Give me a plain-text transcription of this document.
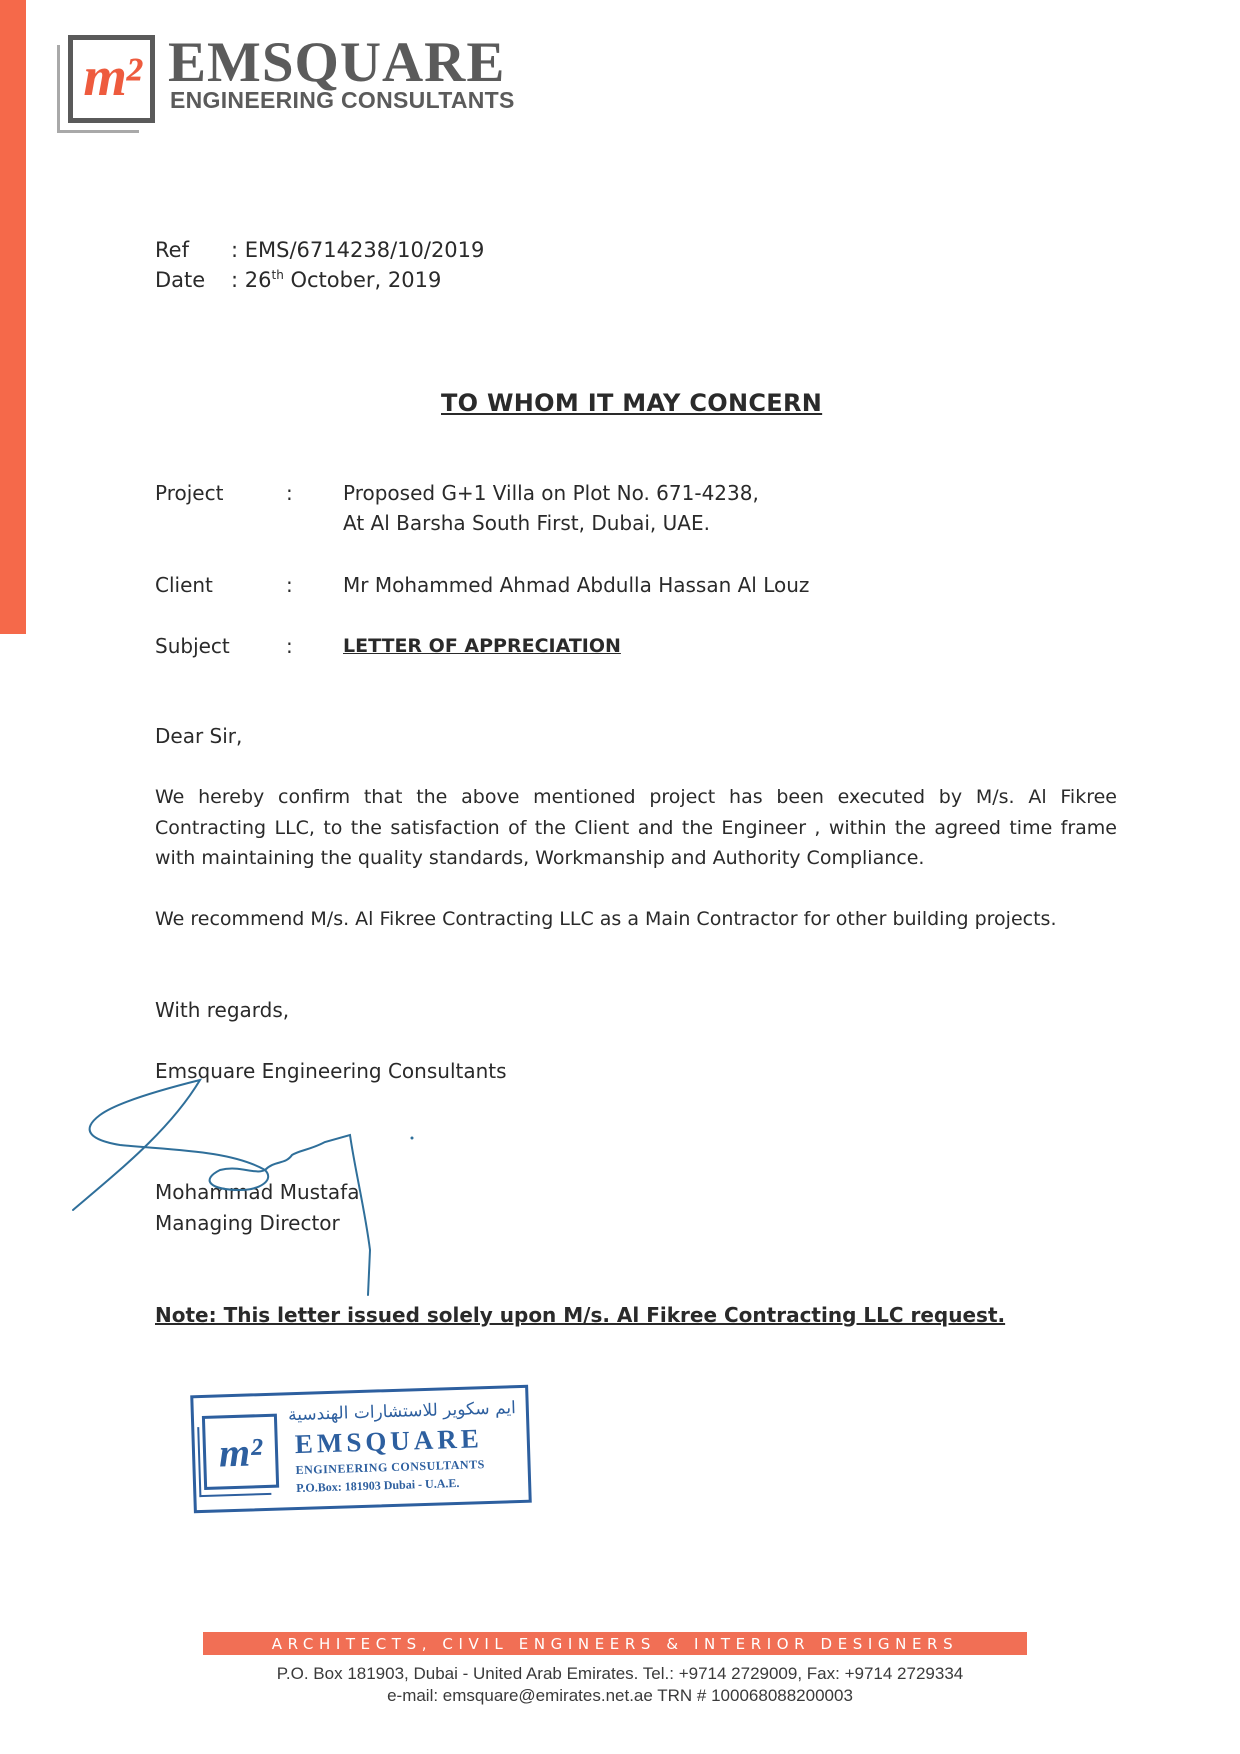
m² EMSQUARE
ENGINEERING CONSULTANTS
Ref : EMS/6714238/10/2019
Date : 26th October, 2019
TO WHOM IT MAY CONCERN
Project	:	Proposed G+1 Villa on Plot No. 671-4238,
At Al Barsha South First, Dubai, UAE.
Client	:	Mr Mohammed Ahmad Abdulla Hassan Al Louz
Subject	:	LETTER OF APPRECIATION
Dear Sir,
We hereby confirm that the above mentioned project has been executed by M/s. Al Fikree Contracting LLC, to the satisfaction of the Client and the Engineer , within the agreed time frame with maintaining the quality standards, Workmanship and Authority Compliance.
We recommend M/s. Al Fikree Contracting LLC as a Main Contractor for other building projects.
With regards,
Emsquare Engineering Consultants
Mohammad Mustafa
Managing Director
Note: This letter issued solely upon M/s. Al Fikree Contracting LLC request.
m²
ايم سكوير للاستشارات الهندسية
EMSQUARE
ENGINEERING CONSULTANTS
P.O.Box: 181903 Dubai - U.A.E.
ARCHITECTS, CIVIL ENGINEERS & INTERIOR DESIGNERS
P.O. Box 181903, Dubai - United Arab Emirates. Tel.: +9714 2729009, Fax: +9714 2729334
e-mail: emsquare@emirates.net.ae TRN # 100068088200003
